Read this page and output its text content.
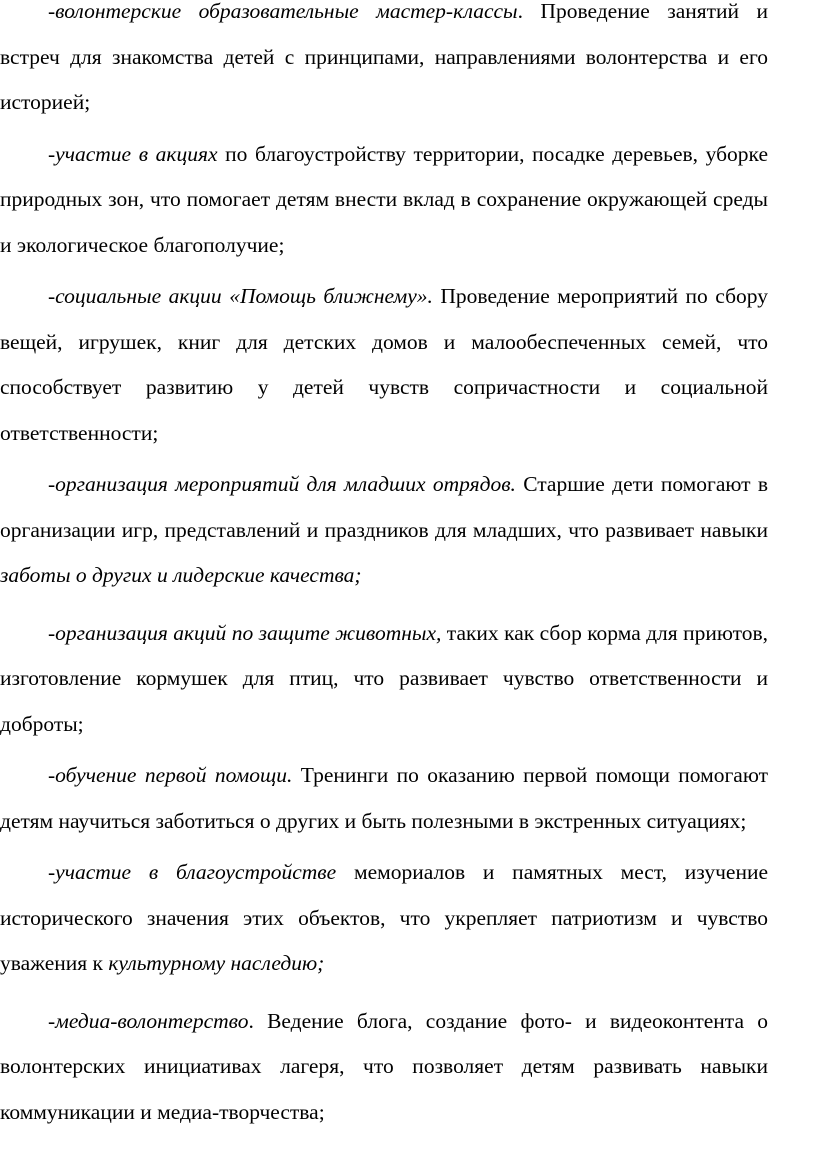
-волонтерские образовательные мастер-классы. Проведение занятий и встреч для знакомства детей с принципами, направлениями волонтерства и его историей;

-участие в акциях по благоустройству территории, посадке деревьев, уборке природных зон, что помогает детям внести вклад в сохранение окружающей среды и экологическое благополучие;

-социальные акции «Помощь ближнему». Проведение мероприятий по сбору вещей, игрушек, книг для детских домов и малообеспеченных семей, что способствует развитию у детей чувств сопричастности и социальной ответственности;

-организация мероприятий для младших отрядов. Старшие дети помогают в организации игр, представлений и праздников для младших, что развивает навыки заботы о других и лидерские качества;

-организация акций по защите животных, таких как сбор корма для приютов, изготовление кормушек для птиц, что развивает чувство ответственности и доброты;

-обучение первой помощи. Тренинги по оказанию первой помощи помогают детям научиться заботиться о других и быть полезными в экстренных ситуациях;

-участие в благоустройстве мемориалов и памятных мест, изучение исторического значения этих объектов, что укрепляет патриотизм и чувство уважения к культурному наследию;

-медиа-волонтерство. Ведение блога, создание фото- и видеоконтента о волонтерских инициативах лагеря, что позволяет детям развивать навыки коммуникации и медиа-творчества;
